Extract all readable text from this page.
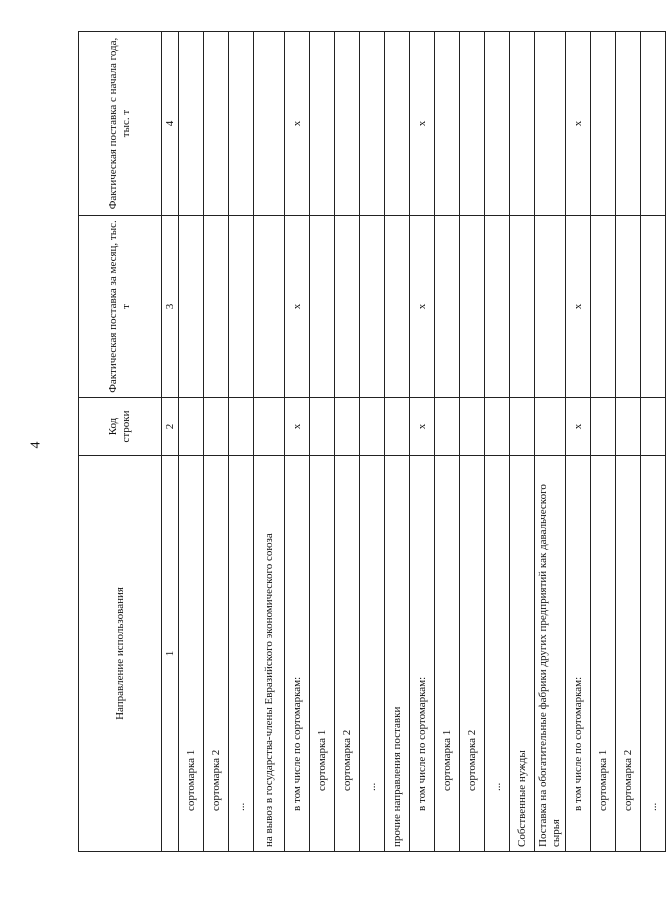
4
Направление использования	Код строки	Фактическая поставка за месяц, тыс. т	Фактическая поставка с начала года, тыс. т
1	2	3	4
сортомарка 1			
сортомарка 2			
...			
на вывоз в государства-члены Евразийского экономического союза			
в том числе по сортомаркам:	х	х	х
сортомарка 1			
сортомарка 2			
...			
прочие направления поставки			
в том числе по сортомаркам:	х	х	х
сортомарка 1			
сортомарка 2			
...			
Собственные нужды			
Поставка на обогатительные фабрики других предприятий как давальческого сырья			
в том числе по сортомаркам:	х	х	х
сортомарка 1			
сортомарка 2			
...			
